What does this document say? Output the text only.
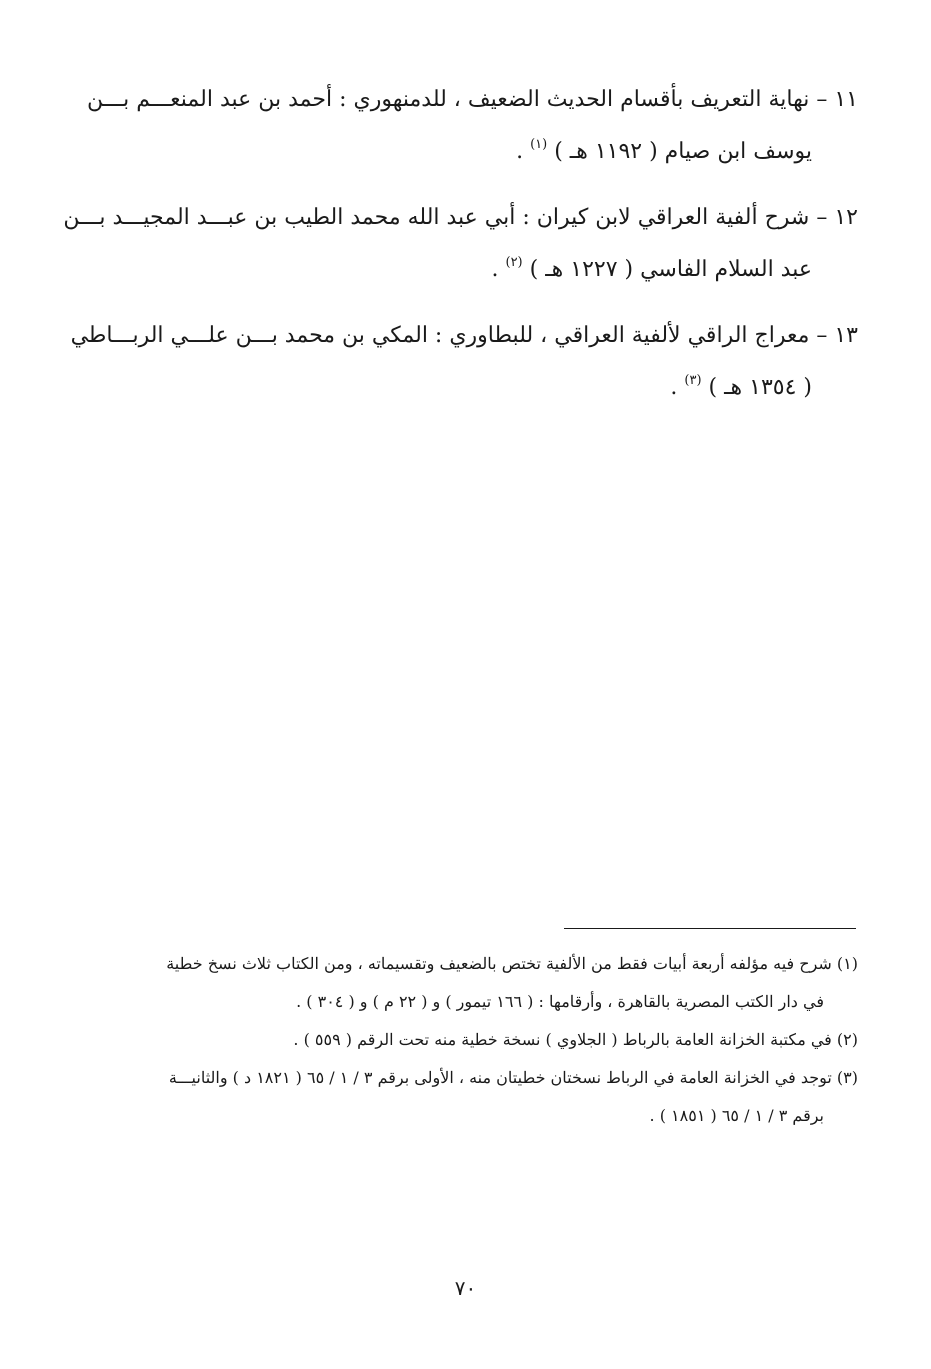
١١ – نهاية التعريف بأقسام الحديث الضعيف ، للدمنهوري : أحمد بن عبد المنعـــم بـــن
يوسف ابن صيام ( ١١٩٢ هـ ) $^{(١)}$ .
١٢ – شرح ألفية العراقي لابن كيران : أبي عبد الله محمد الطيب بن عبـــد المجيـــد بـــن
عبد السلام الفاسي ( ١٢٢٧ هـ ) $^{(٢)}$ .
١٣ – معراج الراقي لألفية العراقي ، للبطاوري : المكي بن محمد بـــن علـــي الربـــاطي
( ١٣٥٤ هـ ) $^{(٣)}$ .
(١) شرح فيه مؤلفه أربعة أبيات فقط من الألفية تختص بالضعيف وتقسيماته ، ومن الكتاب ثلاث نسخ خطية
في دار الكتب المصرية بالقاهرة ، وأرقامها : ( ١٦٦ تيمور ) و ( ٢٢ م ) و ( ٣٠٤ ) .
(٢) في مكتبة الخزانة العامة بالرباط ( الجلاوي ) نسخة خطية منه تحت الرقم ( ٥٥٩ ) .
(٣) توجد في الخزانة العامة في الرباط نسختان خطيتان منه ، الأولى برقم ٣ / ١ / ٦٥ ( ١٨٢١ د ) والثانيـــة
برقم ٣ / ١ / ٦٥ ( ١٨٥١ ) .
٧٠
